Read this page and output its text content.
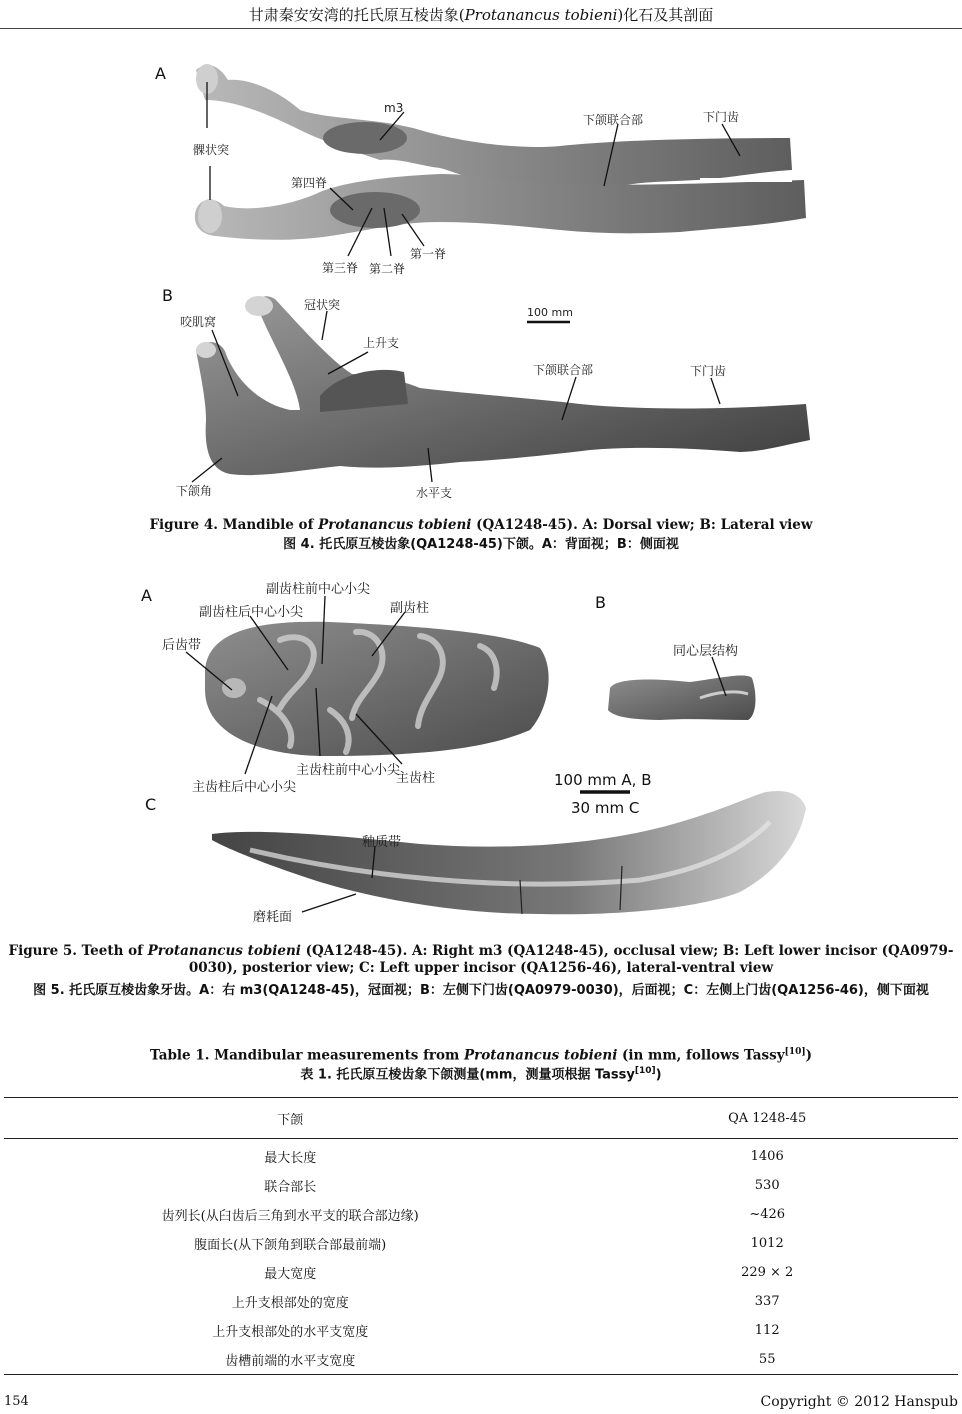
甘肃秦安安湾的托氏原互棱齿象(Protanancus tobieni)化石及其剖面
A
B
髁状突
m3
下颌联合部	下门齿
第四脊
第三脊 第二脊
第一脊
咬肌窝
冠状突
上升支
下颌联合部	下门齿
下颌角	水平支
100 mm
Figure 4. Mandible of Protanancus tobieni (QA1248-45). A: Dorsal view; B: Lateral view
图 4. 托氏原互棱齿象(QA1248-45)下颌。A：背面视；B：侧面视
A	B
C
副齿柱前中心小尖
副齿柱后中心小尖	副齿柱
后齿带
主齿柱前中心小尖
主齿柱后中心小尖
主齿柱
同心层结构
釉质带
磨耗面
100 mm A, B
30 mm C
Figure 5. Teeth of Protanancus tobieni (QA1248-45). A: Right m3 (QA1248-45), occlusal view; B: Left lower incisor (QA0979-0030), posterior view; C: Left upper incisor (QA1256-46), lateral-ventral view
图 5. 托氏原互棱齿象牙齿。A：右 m3(QA1248-45)，冠面视；B：左侧下门齿(QA0979-0030)，后面视；C：左侧上门齿(QA1256-46)，侧下面视
Table 1. Mandibular measurements from Protanancus tobieni (in mm, follows Tassy[10])
表 1. 托氏原互棱齿象下颌测量(mm，测量项根据 Tassy[10])
下颌	QA 1248-45
最大长度	1406
联合部长	530
齿列长(从臼齿后三角到水平支的联合部边缘)	~426
腹面长(从下颌角到联合部最前端)	1012
最大宽度	229 × 2
上升支根部处的宽度	337
上升支根部处的水平支宽度	112
齿槽前端的水平支宽度	55
154	Copyright © 2012 Hanspub
